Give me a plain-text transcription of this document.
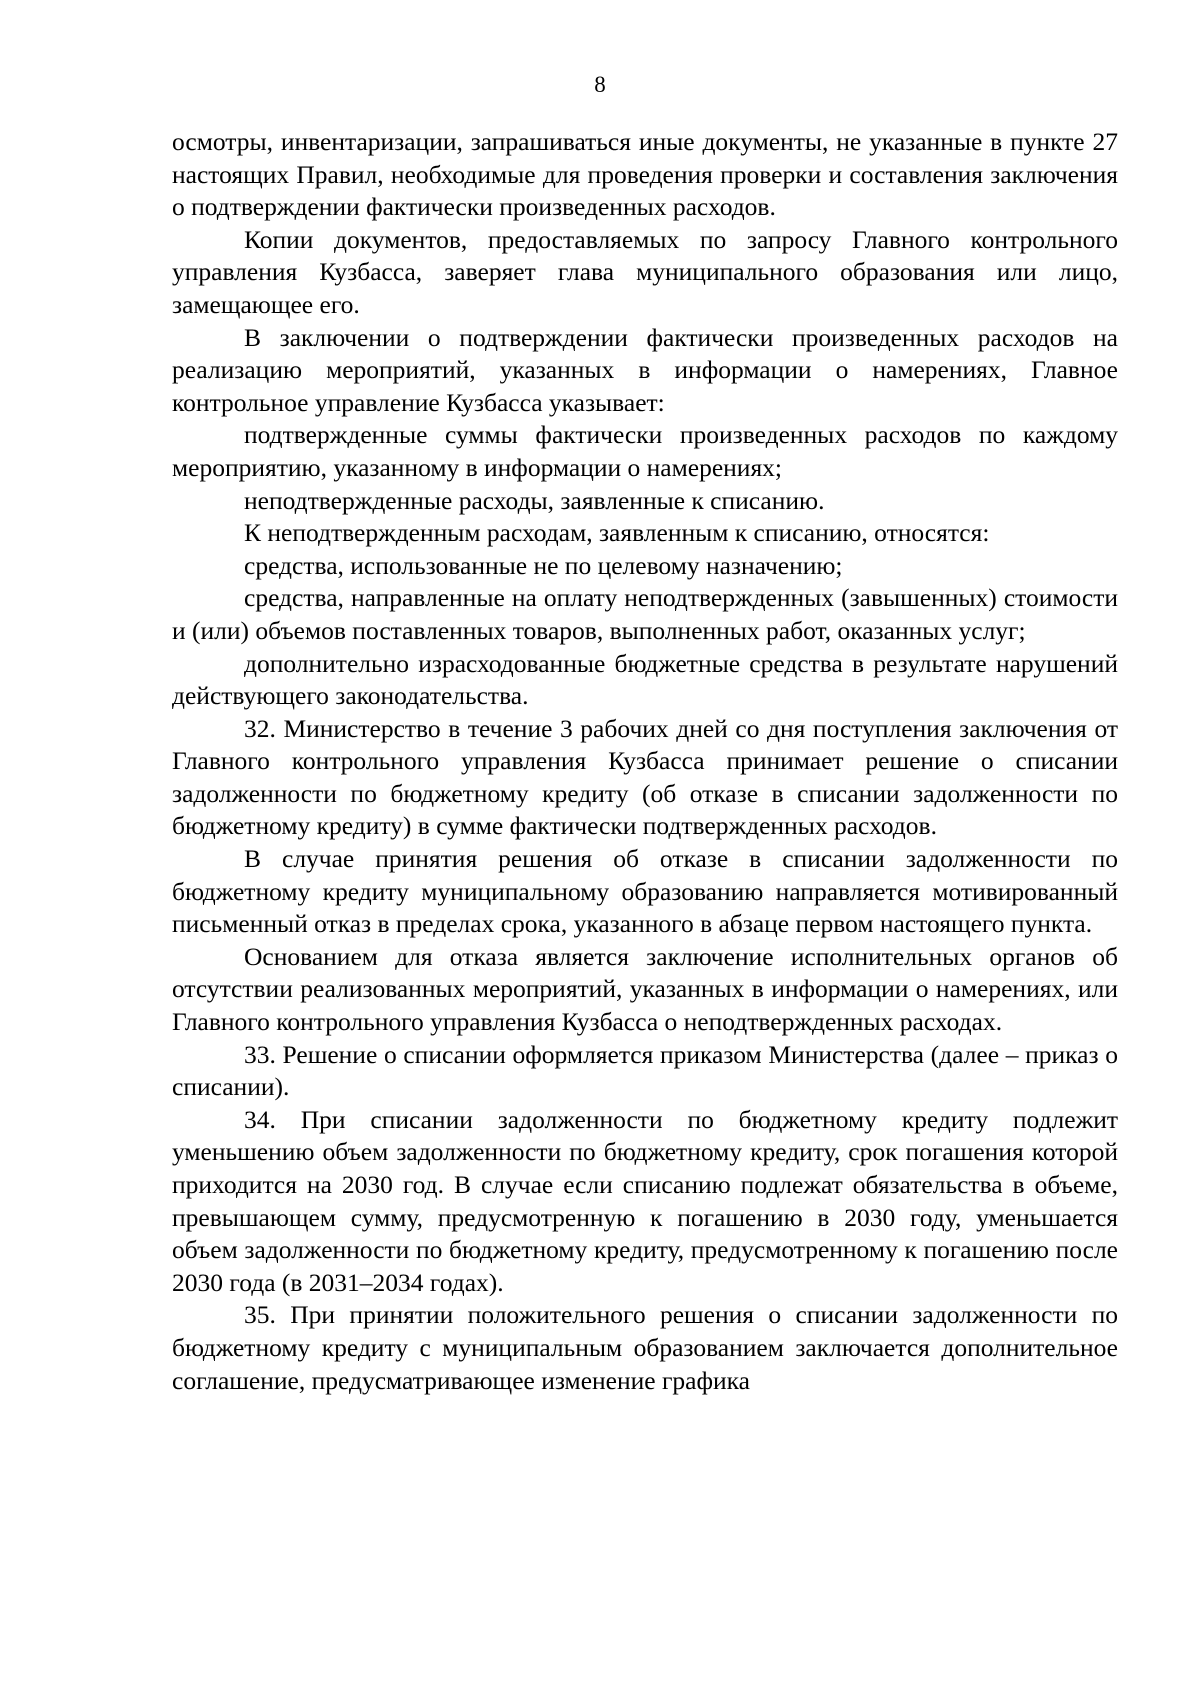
8

осмотры, инвентаризации, запрашиваться иные документы, не указанные в пункте 27 настоящих Правил, необходимые для проведения проверки и составления заключения о подтверждении фактически произведенных расходов.

Копии документов, предоставляемых по запросу Главного контрольного управления Кузбасса, заверяет глава муниципального образования или лицо, замещающее его.

В заключении о подтверждении фактически произведенных расходов на реализацию мероприятий, указанных в информации о намерениях, Главное контрольное управление Кузбасса указывает:

подтвержденные суммы фактически произведенных расходов по каждому мероприятию, указанному в информации о намерениях;

неподтвержденные расходы, заявленные к списанию.

К неподтвержденным расходам, заявленным к списанию, относятся:

средства, использованные не по целевому назначению;

средства, направленные на оплату неподтвержденных (завышенных) стоимости и (или) объемов поставленных товаров, выполненных работ, оказанных услуг;

дополнительно израсходованные бюджетные средства в результате нарушений действующего законодательства.

32. Министерство в течение 3 рабочих дней со дня поступления заключения от Главного контрольного управления Кузбасса принимает решение о списании задолженности по бюджетному кредиту (об отказе в списании задолженности по бюджетному кредиту) в сумме фактически подтвержденных расходов.

В случае принятия решения об отказе в списании задолженности по бюджетному кредиту муниципальному образованию направляется мотивированный письменный отказ в пределах срока, указанного в абзаце первом настоящего пункта.

Основанием для отказа является заключение исполнительных органов об отсутствии реализованных мероприятий, указанных в информации о намерениях, или Главного контрольного управления Кузбасса о неподтвержденных расходах.

33. Решение о списании оформляется приказом Министерства (далее – приказ о списании).

34. При списании задолженности по бюджетному кредиту подлежит уменьшению объем задолженности по бюджетному кредиту, срок погашения которой приходится на 2030 год. В случае если списанию подлежат обязательства в объеме, превышающем сумму, предусмотренную к погашению в 2030 году, уменьшается объем задолженности по бюджетному кредиту, предусмотренному к погашению после 2030 года (в 2031–2034 годах).

35. При принятии положительного решения о списании задолженности по бюджетному кредиту с муниципальным образованием заключается дополнительное соглашение, предусматривающее изменение графика
